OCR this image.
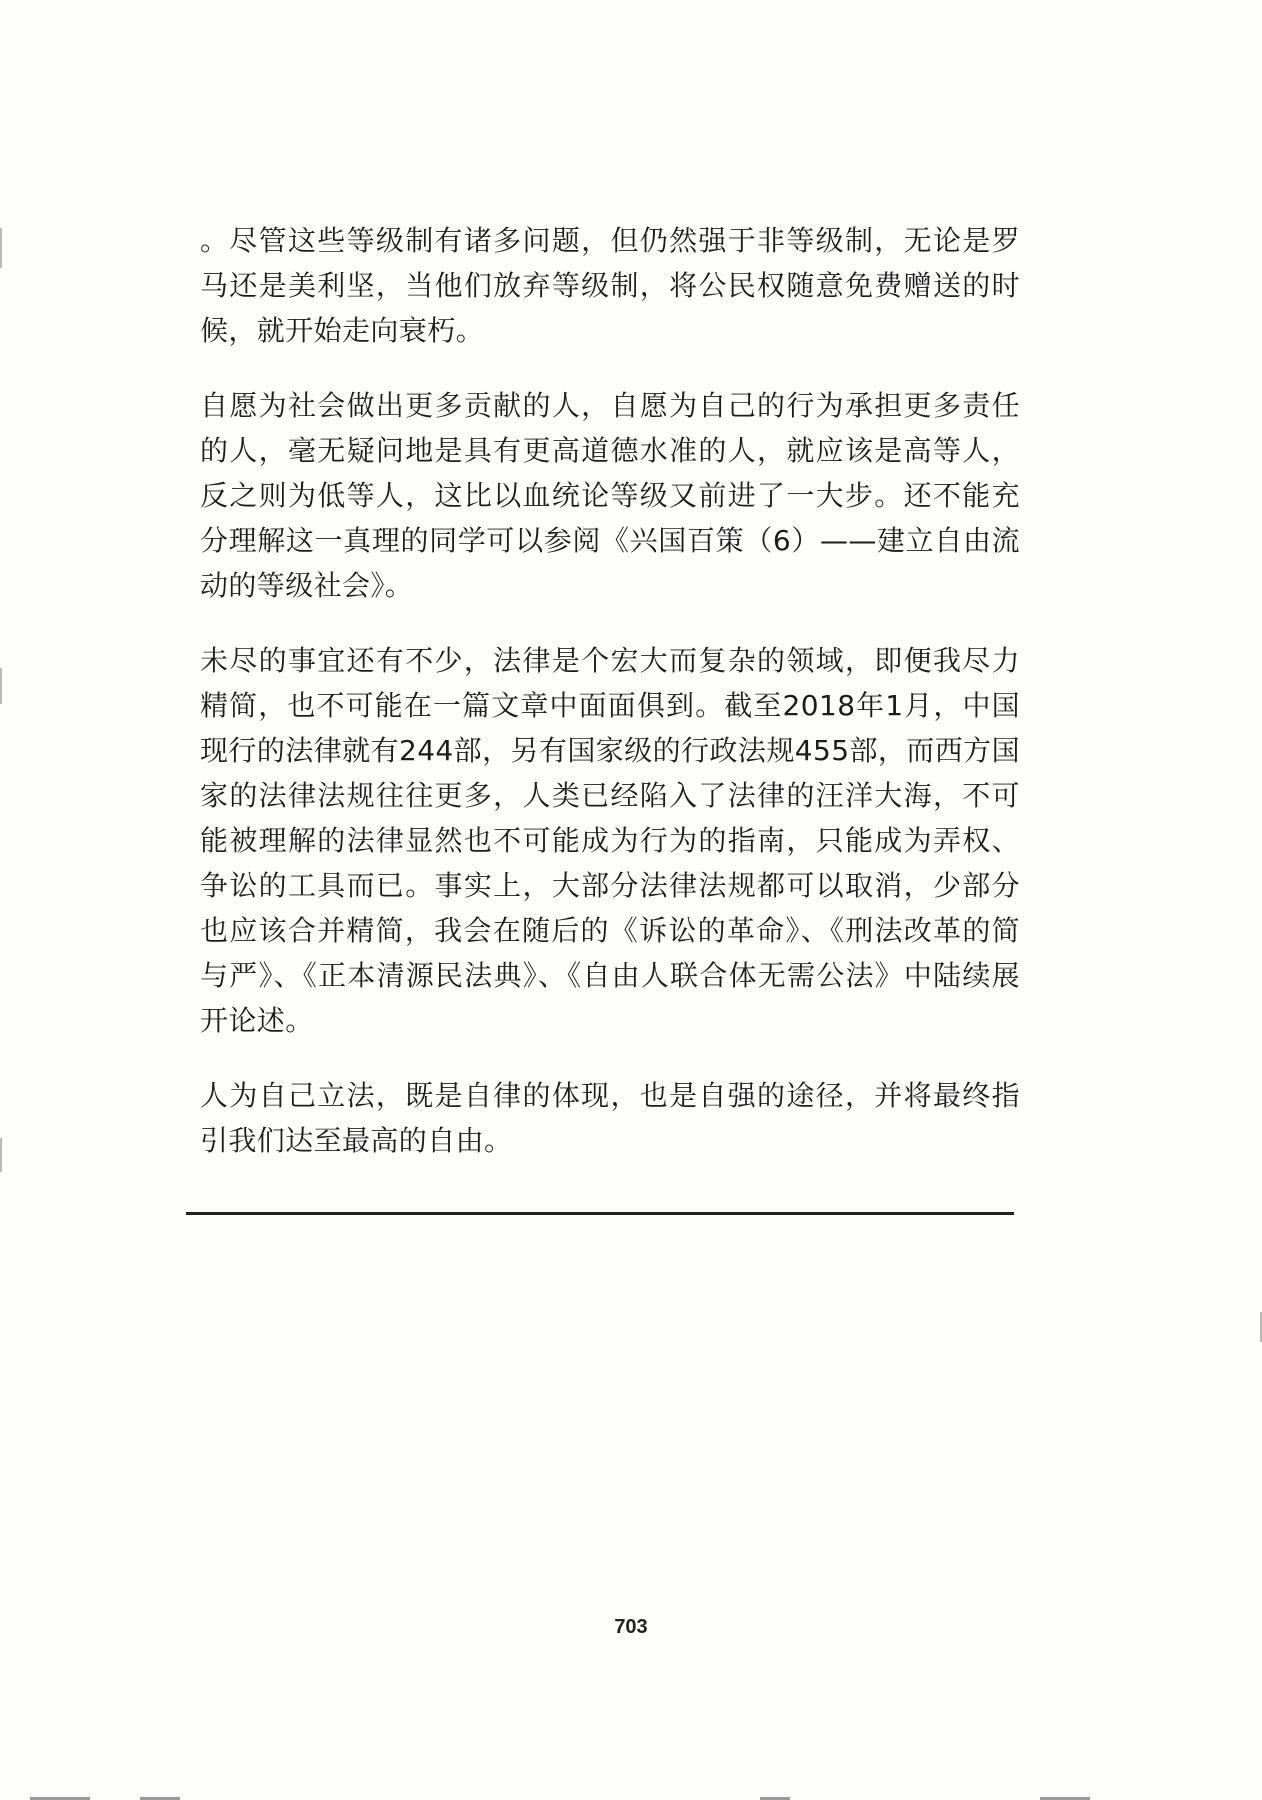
。尽管这些等级制有诸多问题，但仍然强于非等级制，无论是罗马还是美利坚，当他们放弃等级制，将公民权随意免费赠送的时候，就开始走向衰朽。

自愿为社会做出更多贡献的人，自愿为自己的行为承担更多责任的人，毫无疑问地是具有更高道德水准的人，就应该是高等人，反之则为低等人，这比以血统论等级又前进了一大步。还不能充分理解这一真理的同学可以参阅《兴国百策（6）——建立自由流动的等级社会》。

未尽的事宜还有不少，法律是个宏大而复杂的领域，即便我尽力精简，也不可能在一篇文章中面面俱到。截至2018年1月，中国现行的法律就有244部，另有国家级的行政法规455部，而西方国家的法律法规往往更多，人类已经陷入了法律的汪洋大海，不可能被理解的法律显然也不可能成为行为的指南，只能成为弄权、争讼的工具而已。事实上，大部分法律法规都可以取消，少部分也应该合并精简，我会在随后的《诉讼的革命》、《刑法改革的简与严》、《正本清源民法典》、《自由人联合体无需公法》中陆续展开论述。

人为自己立法，既是自律的体现，也是自强的途径，并将最终指引我们达至最高的自由。

703
